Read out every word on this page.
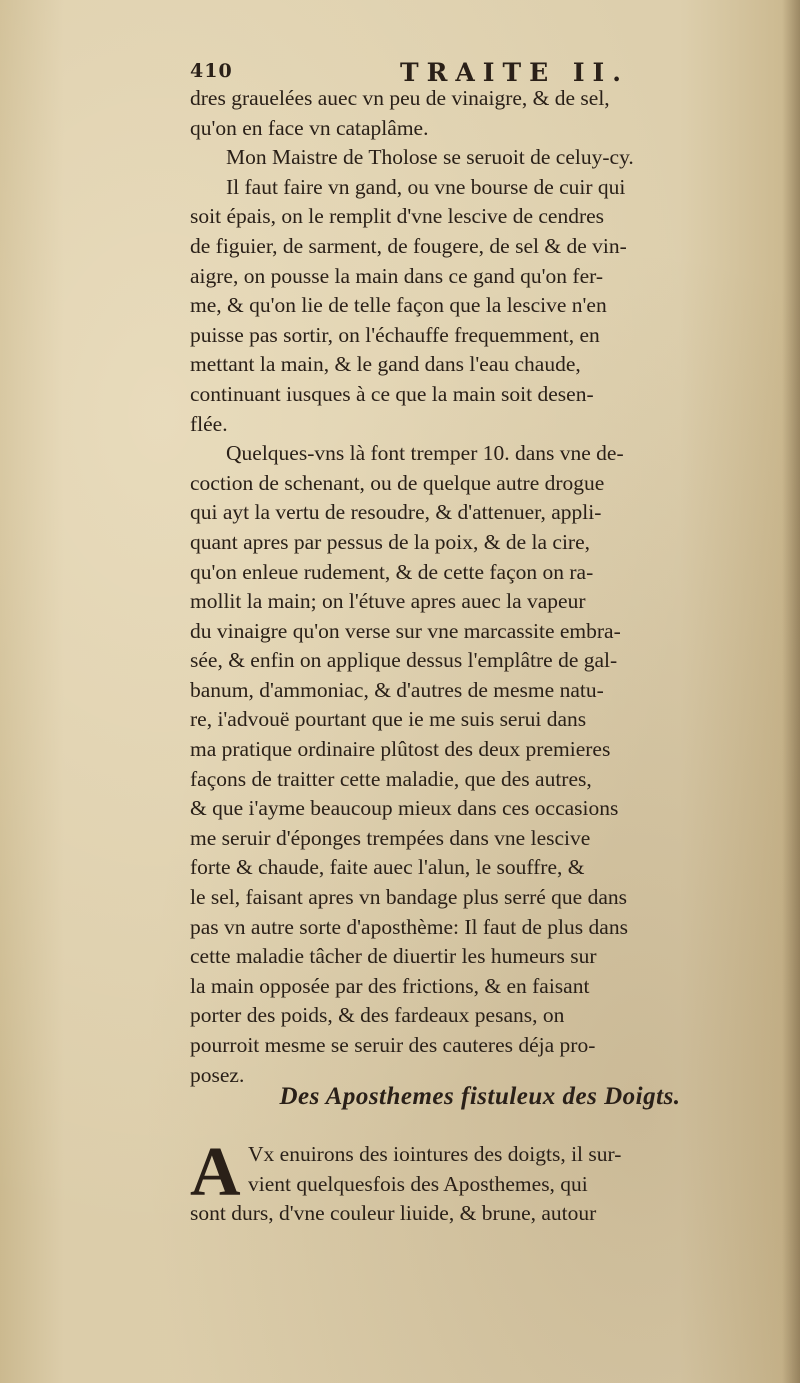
410	TRAITE II.
dres grauelées auec vn peu de vinaigre, & de sel,
qu'on en face vn cataplâme.
Mon Maistre de Tholose se seruoit de celuy-cy.
Il faut faire vn gand, ou vne bourse de cuir qui
soit épais, on le remplit d'vne lescive de cendres
de figuier, de sarment, de fougere, de sel & de vin-
aigre, on pousse la main dans ce gand qu'on fer-
me, & qu'on lie de telle façon que la lescive n'en
puisse pas sortir, on l'échauffe frequemment, en
mettant la main, & le gand dans l'eau chaude,
continuant iusques à ce que la main soit desen-
flée.
Quelques-vns là font tremper 10. dans vne de-
coction de schenant, ou de quelque autre drogue
qui ayt la vertu de resoudre, & d'attenuer, appli-
quant apres par pessus de la poix, & de la cire,
qu'on enleue rudement, & de cette façon on ra-
mollit la main; on l'étuve apres auec la vapeur
du vinaigre qu'on verse sur vne marcassite embra-
sée, & enfin on applique dessus l'emplâtre de gal-
banum, d'ammoniac, & d'autres de mesme natu-
re, i'advouë pourtant que ie me suis serui dans
ma pratique ordinaire plûtost des deux premieres
façons de traitter cette maladie, que des autres,
& que i'ayme beaucoup mieux dans ces occasions
me seruir d'éponges trempées dans vne lescive
forte & chaude, faite auec l'alun, le souffre, &
le sel, faisant apres vn bandage plus serré que dans
pas vn autre sorte d'aposthème: Il faut de plus dans
cette maladie tâcher de diuertir les humeurs sur
la main opposée par des frictions, & en faisant
porter des poids, & des fardeaux pesans, on
pourroit mesme se seruir des cauteres déja pro-
posez.
Des Aposthemes fistuleux des Doigts.
A Vx enuirons des iointures des doigts, il sur-
vient quelquesfois des Aposthemes, qui
sont durs, d'vne couleur liuide, & brune, autour
